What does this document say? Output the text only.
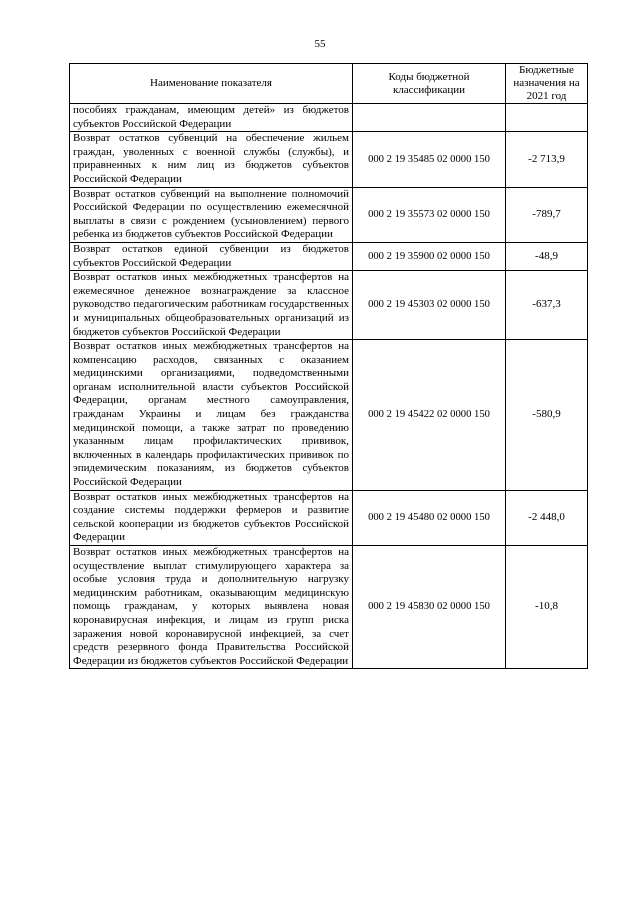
55
Наименование показателя	Коды бюджетной классификации	Бюджетные назначения на 2021 год
пособиях гражданам, имеющим детей» из бюджетов субъектов Российской Федерации		
Возврат остатков субвенций на обеспечение жильем граждан, уволенных с военной службы (службы), и приравненных к ним лиц из бюджетов субъектов Российской Федерации	000 2 19 35485 02 0000 150	-2 713,9
Возврат остатков субвенций на выполнение полномочий Российской Федерации по осуществлению ежемесячной выплаты в связи с рождением (усыновлением) первого ребенка из бюджетов субъектов Российской Федерации	000 2 19 35573 02 0000 150	-789,7
Возврат остатков единой субвенции из бюджетов субъектов Российской Федерации	000 2 19 35900 02 0000 150	-48,9
Возврат остатков иных межбюджетных трансфертов на ежемесячное денежное вознаграждение за классное руководство педагогическим работникам государственных и муниципальных общеобразовательных организаций из бюджетов субъектов Российской Федерации	000 2 19 45303 02 0000 150	-637,3
Возврат остатков иных межбюджетных трансфертов на компенсацию расходов, связанных с оказанием медицинскими организациями, подведомственными органам исполнительной власти субъектов Российской Федерации, органам местного самоуправления, гражданам Украины и лицам без гражданства медицинской помощи, а также затрат по проведению указанным лицам профилактических прививок, включенных в календарь профилактических прививок по эпидемическим показаниям, из бюджетов субъектов Российской Федерации	000 2 19 45422 02 0000 150	-580,9
Возврат остатков иных межбюджетных трансфертов на создание системы поддержки фермеров и развитие сельской кооперации из бюджетов субъектов Российской Федерации	000 2 19 45480 02 0000 150	-2 448,0
Возврат остатков иных межбюджетных трансфертов на осуществление выплат стимулирующего характера за особые условия труда и дополнительную нагрузку медицинским работникам, оказывающим медицинскую помощь гражданам, у которых выявлена новая коронавирусная инфекция, и лицам из групп риска заражения новой коронавирусной инфекцией, за счет средств резервного фонда Правительства Российской Федерации из бюджетов субъектов Российской Федерации	000 2 19 45830 02 0000 150	-10,8
